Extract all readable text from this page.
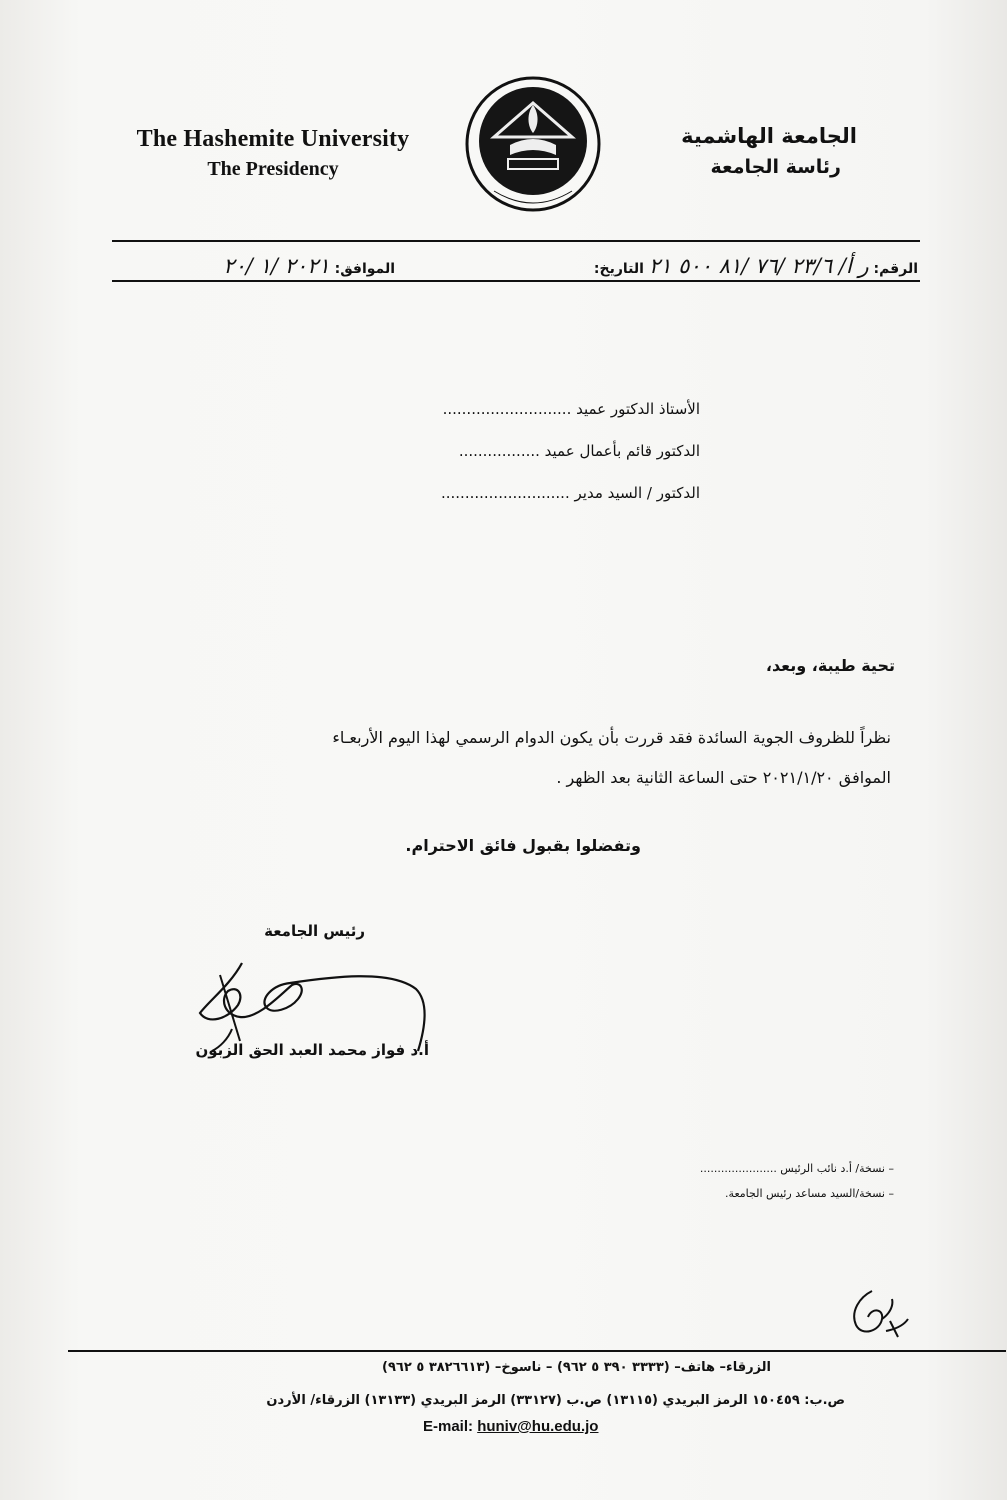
The Hashemite University
The Presidency
الجامعة الهاشمية
رئاسة الجامعة
الرقم: ر أ/ ٢٣/٦ /٧٦ /٨١ ٥٠٠ ٢١ التاريخ:
الموافق: ٢٠٢١ /١ /٢٠
الأستاذ الدكتور عميد ...........................
الدكتور قائم بأعمال عميد .................
الدكتور / السيد مدير ...........................
تحية طيبة، وبعد،
نظراً للظروف الجوية السائدة فقد قررت بأن يكون الدوام الرسمي لهذا اليوم الأربعـاء
الموافق ٢٠٢١/١/٢٠ حتى الساعة الثانية بعد الظهر .
وتفضلوا بقبول فائق الاحترام.
رئيس الجامعة
أ.د فواز محمد العبد الحق الزبون
– نسخة/ أ.د نائب الرئيس ......................
– نسخة/السيد مساعد رئيس الجامعة.
الزرقاء– هاتف– (٣٣٣٣ ٣٩٠ ٥ ٩٦٢) – ناسوخ– (٣٨٢٦٦١٣ ٥ ٩٦٢)
ص.ب: ١٥٠٤٥٩ الرمز البريدي (١٣١١٥) ص.ب (٣٣١٢٧) الرمز البريدي (١٣١٣٣) الزرقاء/ الأردن
E-mail: huniv@hu.edu.jo
